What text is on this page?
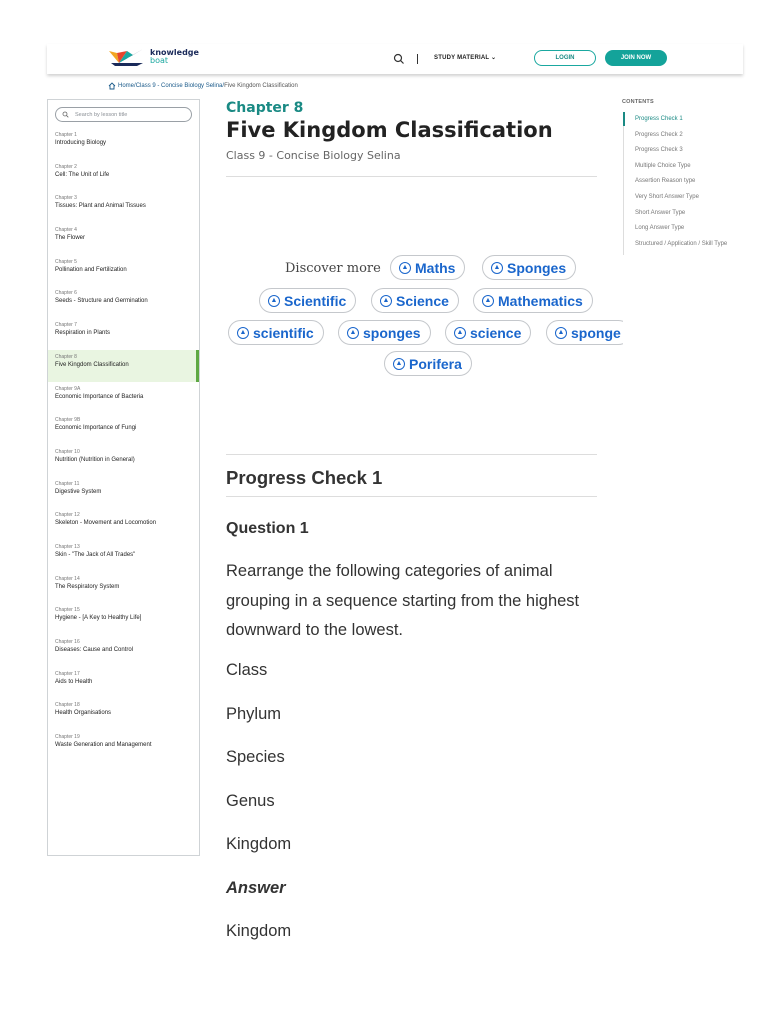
knowledge
boat	STUDY MATERIAL ⌄	LOGIN	JOIN NOW
Home / Class 9 - Concise Biology Selina / Five Kingdom Classification
Search by lesson title
Chapter 1
Introducing Biology
Chapter 2
Cell: The Unit of Life
Chapter 3
Tissues: Plant and Animal Tissues
Chapter 4
The Flower
Chapter 5
Pollination and Fertilization
Chapter 6
Seeds - Structure and Germination
Chapter 7
Respiration in Plants
Chapter 8
Five Kingdom Classification
Chapter 9A
Economic Importance of Bacteria
Chapter 9B
Economic Importance of Fungi
Chapter 10
Nutrition (Nutrition in General)
Chapter 11
Digestive System
Chapter 12
Skeleton - Movement and Locomotion
Chapter 13
Skin - "The Jack of All Trades"
Chapter 14
The Respiratory System
Chapter 15
Hygiene - [A Key to Healthy Life]
Chapter 16
Diseases: Cause and Control
Chapter 17
Aids to Health
Chapter 18
Health Organisations
Chapter 19
Waste Generation and Management
Chapter 8
Five Kingdom Classification
Class 9 - Concise Biology Selina
Discover more	▲ Maths	▲ Sponges
▲ Scientific	▲ Science	▲ Mathematics
▲ scientific	▲ sponges	▲ science	▲ sponge
▲ Porifera
Progress Check 1
Question 1

Rearrange the following categories of animal grouping in a sequence starting from the highest downward to the lowest.

Class
Phylum
Species
Genus
Kingdom
Answer
Kingdom
CONTENTS
Progress Check 1
Progress Check 2
Progress Check 3
Multiple Choice Type
Assertion Reason type
Very Short Answer Type
Short Answer Type
Long Answer Type
Structured / Application / Skill Type
